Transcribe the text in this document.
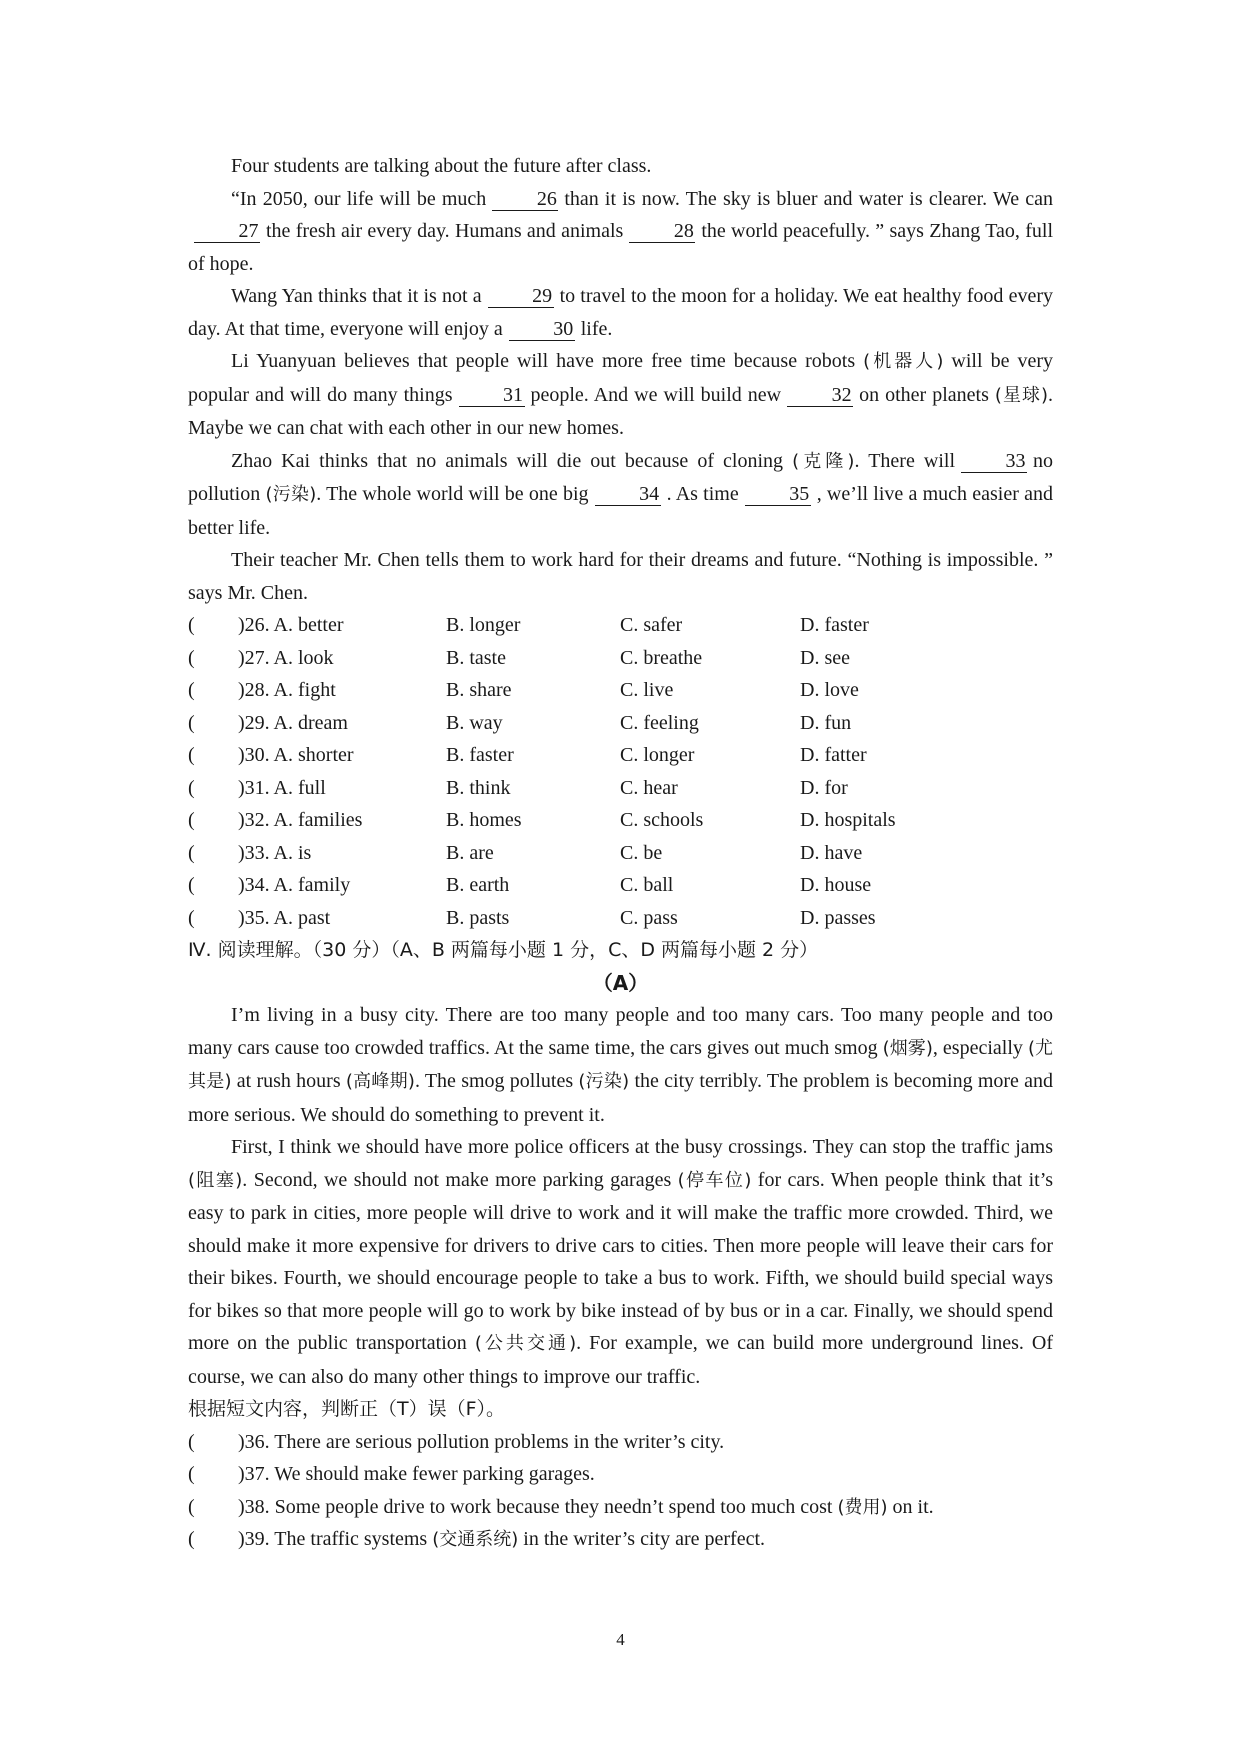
Four students are talking about the future after class.

“In 2050, our life will be much	26 than it is now. The sky is bluer and water is clearer. We can27 the fresh air every day. Humans and animals	28 the world peacefully. ” says Zhang Tao, full of hope.

Wang Yan thinks that it is not a	29 to travel to the moon for a holiday. We eat healthy food every day. At that time, everyone will enjoy a	30 life.

Li Yuanyuan believes that people will have more free time because robots (机器人) will be very popular and will do many things	31 people. And we will build new	32 on other planets (星球). Maybe we can chat with each other in our new homes.

Zhao Kai thinks that no animals will die out because of cloning (克隆). There will	33 no pollution (污染). The whole world will be one big	34 . As time	35 , we’ll live a much easier and better life.

Their teacher Mr. Chen tells them to work hard for their dreams and future. “Nothing is impossible. ” says Mr. Chen.

(	)26. A. better	B. longer	C. safer	D. faster
(	)27. A. look	B. taste	C. breathe	D. see
(	)28. A. fight	B. share	C. live	D. love
(	)29. A. dream	B. way	C. feeling	D. fun
(	)30. A. shorter	B. faster	C. longer	D. fatter
(	)31. A. full	B. think	C. hear	D. for
(	)32. A. families	B. homes	C. schools	D. hospitals
(	)33. A. is	B. are	C. be	D. have
(	)34. A. family	B. earth	C. ball	D. house
(	)35. A. past	B. pasts	C. pass	D. passes

Ⅳ. 阅读理解。（30 分）（A、B 两篇每小题 1 分，C、D 两篇每小题 2 分）

（A）

I’m living in a busy city. There are too many people and too many cars. Too many people and too many cars cause too crowded traffics. At the same time, the cars gives out much smog (烟雾), especially (尤其是) at rush hours (高峰期). The smog pollutes (污染) the city terribly. The problem is becoming more and more serious. We should do something to prevent it.

First, I think we should have more police officers at the busy crossings. They can stop the traffic jams (阻塞). Second, we should not make more parking garages (停车位) for cars. When people think that it’s easy to park in cities, more people will drive to work and it will make the traffic more crowded. Third, we should make it more expensive for drivers to drive cars to cities. Then more people will leave their cars for their bikes. Fourth, we should encourage people to take a bus to work. Fifth, we should build special ways for bikes so that more people will go to work by bike instead of by bus or in a car. Finally, we should spend more on the public transportation (公共交通). For example, we can build more underground lines. Of course, we can also do many other things to improve our traffic.

根据短文内容，判断正（T）误（F）。

(	)36. There are serious pollution problems in the writer’s city.
(	)37. We should make fewer parking garages.
(	)38. Some people drive to work because they needn’t spend too much cost (费用) on it.
(	)39. The traffic systems (交通系统) in the writer’s city are perfect.
4
